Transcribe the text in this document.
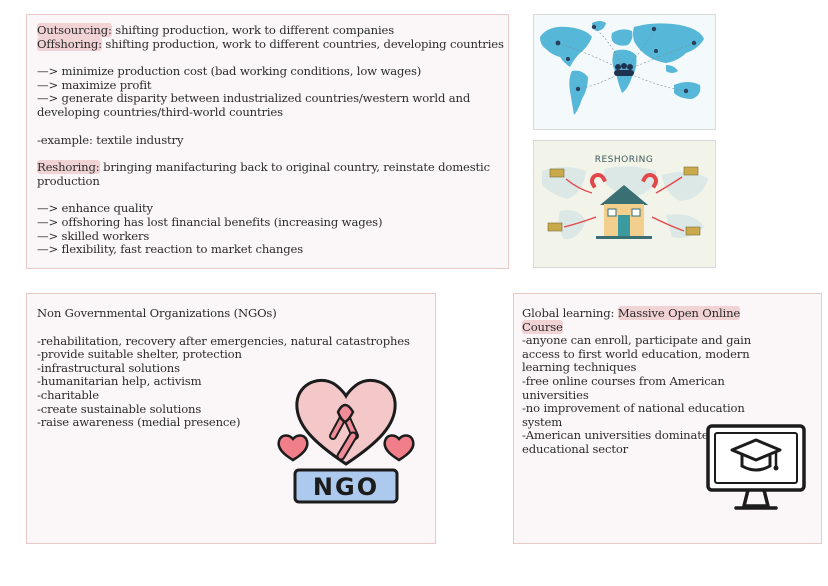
Outsourcing: shifting production, work to different companies
Offshoring: shifting production, work to different countries, developing countries
—> minimize production cost (bad working conditions, low wages)
—> maximize profit
—> generate disparity between industrialized countries/western world and
developing countries/third-world countries
-example: textile industry
Reshoring: bringing manifacturing back to original country, reinstate domestic
production
—> enhance quality
—> offshoring has lost financial benefits (increasing wages)
—> skilled workers
—> flexibility, fast reaction to market changes
RESHORING
Non Governmental Organizations (NGOs)
-rehabilitation, recovery after emergencies, natural catastrophes
-provide suitable shelter, protection
-infrastructural solutions
-humanitarian help, activism
-charitable
-create sustainable solutions
-raise awareness (medial presence)
NGO
Global learning: Massive Open Online
Course
-anyone can enroll, participate and gain
access to first world education, modern
learning techniques
-free online courses from American
universities
-no improvement of national education
system
-American universities dominate
educational sector
